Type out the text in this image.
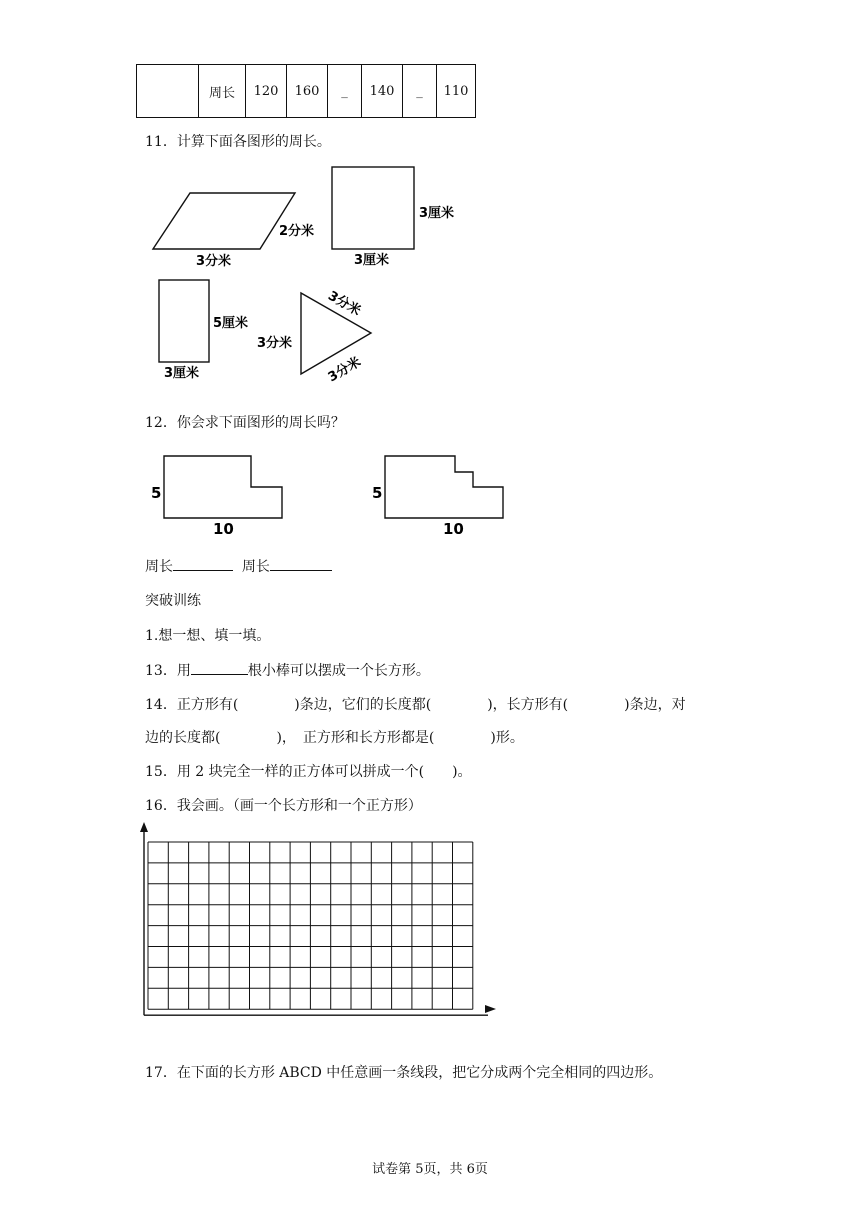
	周长	120	160	_	140	_	110
11．计算下面各图形的周长。
2分米
3分米
3厘米
3厘米
5厘米
3厘米
3分米
3分米
3分米
12．你会求下面图形的周长吗？
5
10
5
10
周长	周长
突破训练
1.想一想、填一填。
13．用	根小棒可以摆成一个长方形。
14．正方形有(　　　　)条边，它们的长度都(　　　　)，长方形有(　　　　)条边，对
边的长度都(　　　　)，　正方形和长方形都是(　　　　)形。
15．用 2 块完全一样的正方体可以拼成一个(　　)。
16．我会画。（画一个长方形和一个正方形）
17．在下面的长方形 ABCD 中任意画一条线段，把它分成两个完全相同的四边形。
试卷第 5页，共 6页
